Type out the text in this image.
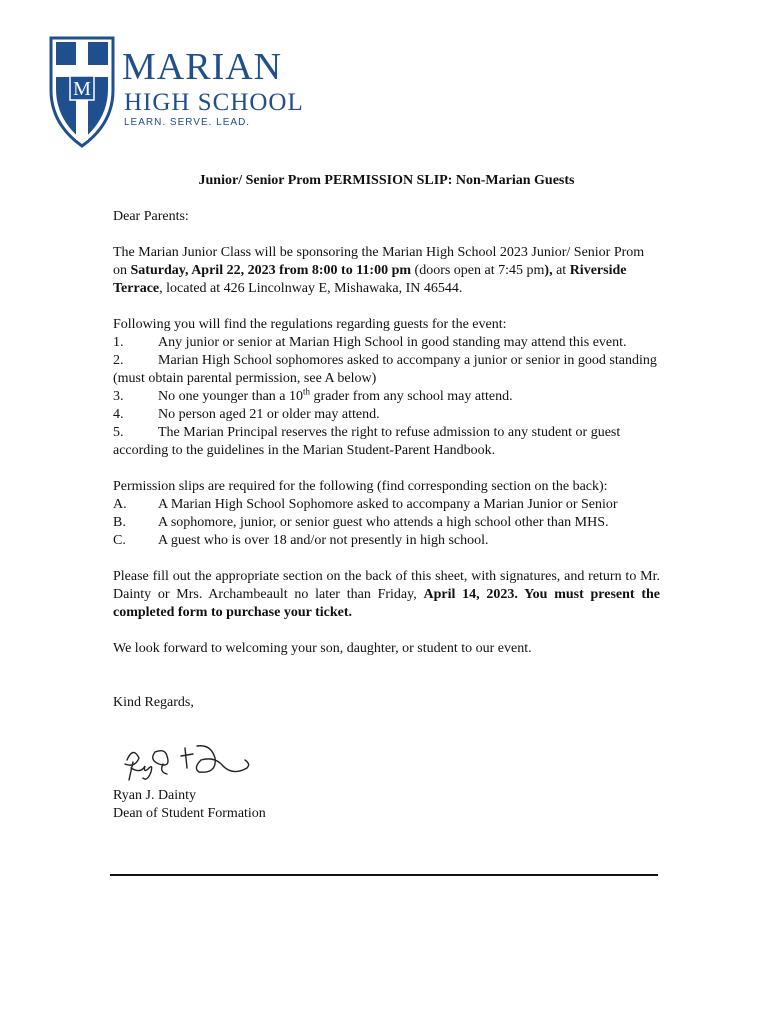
M
MARIAN
HIGH SCHOOL
LEARN. SERVE. LEAD.

Junior/ Senior Prom PERMISSION SLIP: Non-Marian Guests

Dear Parents:

The Marian Junior Class will be sponsoring the Marian High School 2023 Junior/ Senior Prom on Saturday, April 22, 2023 from 8:00 to 11:00 pm (doors open at 7:45 pm), at Riverside Terrace, located at 426 Lincolnway E, Mishawaka, IN 46544.

Following you will find the regulations regarding guests for the event:

1. Any junior or senior at Marian High School in good standing may attend this event.

2. Marian High School sophomores asked to accompany a junior or senior in good standing (must obtain parental permission, see A below)

3. No one younger than a 10th grader from any school may attend.

4. No person aged 21 or older may attend.

5. The Marian Principal reserves the right to refuse admission to any student or guest according to the guidelines in the Marian Student-Parent Handbook.

Permission slips are required for the following (find corresponding section on the back):

A.	A Marian High School Sophomore asked to accompany a Marian Junior or Senior
B.	A sophomore, junior, or senior guest who attends a high school other than MHS.
C.	A guest who is over 18 and/or not presently in high school.

Please fill out the appropriate section on the back of this sheet, with signatures, and return to Mr. Dainty or Mrs. Archambeault no later than Friday, April 14, 2023. You must present the completed form to purchase your ticket.

We look forward to welcoming your son, daughter, or student to our event.

Kind Regards,

Ryan J. Dainty

Dean of Student Formation
